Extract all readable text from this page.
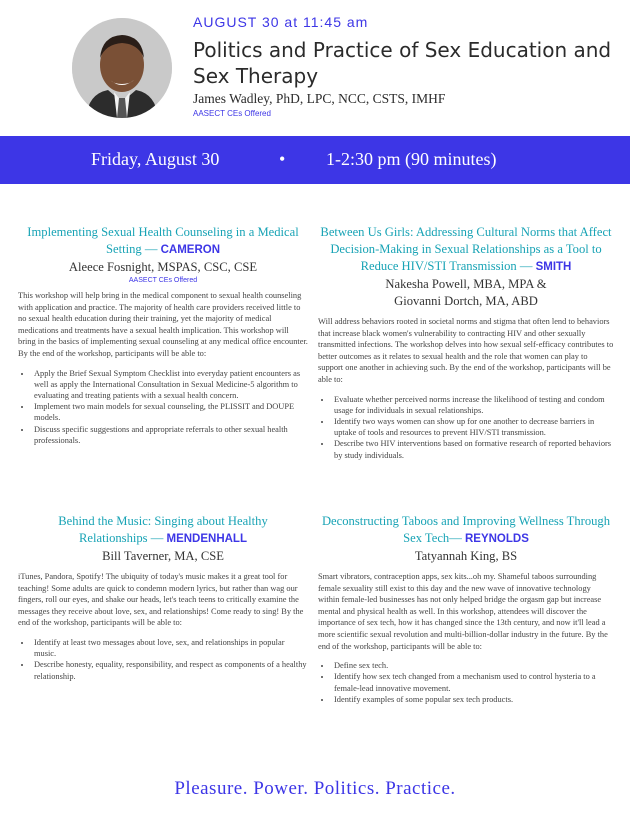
AUGUST 30 at 11:45 am
Politics and Practice of Sex Education and Sex Therapy
James Wadley, PhD, LPC, NCC, CSTS, IMHF
AASECT CEs Offered
Friday, August 30	• 1-2:30 pm (90 minutes)
Implementing Sexual Health Counseling in a Medical Setting — CAMERON
Aleece Fosnight, MSPAS, CSC, CSE
AASECT CEs Offered
This workshop will help bring in the medical component to sexual health counseling with application and practice. The majority of health care providers received little to no sexual health education during their training, yet the majority of medical medications and treatments have a sexual health implication. This workshop will bring in the basics of implementing sexual counseling at any medical office encounter. By the end of the workshop, participants will be able to:
• Apply the Brief Sexual Symptom Checklist into everyday patient encounters as well as apply the International Consultation in Sexual Medicine-5 algorithm to evaluating and treating patients with a sexual health concern.
• Implement two main models for sexual counseling, the PLISSIT and DOUPE models.
• Discuss specific suggestions and appropriate referrals to other sexual health professionals.
Between Us Girls: Addressing Cultural Norms that Affect Decision-Making in Sexual Relationships as a Tool to Reduce HIV/STI Transmission — SMITH
Nakesha Powell, MBA, MPA & Giovanni Dortch, MA, ABD
Will address behaviors rooted in societal norms and stigma that often lend to behaviors that increase black women's vulnerability to contracting HIV and other sexually transmitted infections. The workshop delves into how sexual self-efficacy contributes to better outcomes as it relates to sexual health and the role that women can play to support one another in achieving such. By the end of the workshop, participants will be able to:
• Evaluate whether perceived norms increase the likelihood of testing and condom usage for individuals in sexual relationships.
• Identify two ways women can show up for one another to decrease barriers in uptake of tools and resources to prevent HIV/STI transmission.
• Describe two HIV interventions based on formative research of reported behaviors by study individuals.
Behind the Music: Singing about Healthy Relationships — MENDENHALL
Bill Taverner, MA, CSE
iTunes, Pandora, Spotify! The ubiquity of today's music makes it a great tool for teaching! Some adults are quick to condemn modern lyrics, but rather than wag our fingers, roll our eyes, and shake our heads, let's teach teens to critically examine the messages they receive about love, sex, and relationships! Come ready to sing! By the end of the workshop, participants will be able to:
• Identify at least two messages about love, sex, and relationships in popular music.
• Describe honesty, equality, responsibility, and respect as components of a healthy relationship.
Deconstructing Taboos and Improving Wellness Through Sex Tech— REYNOLDS
Tatyannah King, BS
Smart vibrators, contraception apps, sex kits...oh my. Shameful taboos surrounding female sexuality still exist to this day and the new wave of innovative technology within female-led businesses has not only helped bridge the orgasm gap but increase mental and physical health as well. In this workshop, attendees will discover the importance of sex tech, how it has changed since the 13th century, and now it'll lead a more scientific sexual revolution and multi-billion-dollar industry in the future. By the end of the workshop, participants will be able to:
• Define sex tech.
• Identify how sex tech changed from a mechanism used to control hysteria to a female-lead innovative movement.
• Identify examples of some popular sex tech products.
Pleasure. Power. Politics. Practice.
